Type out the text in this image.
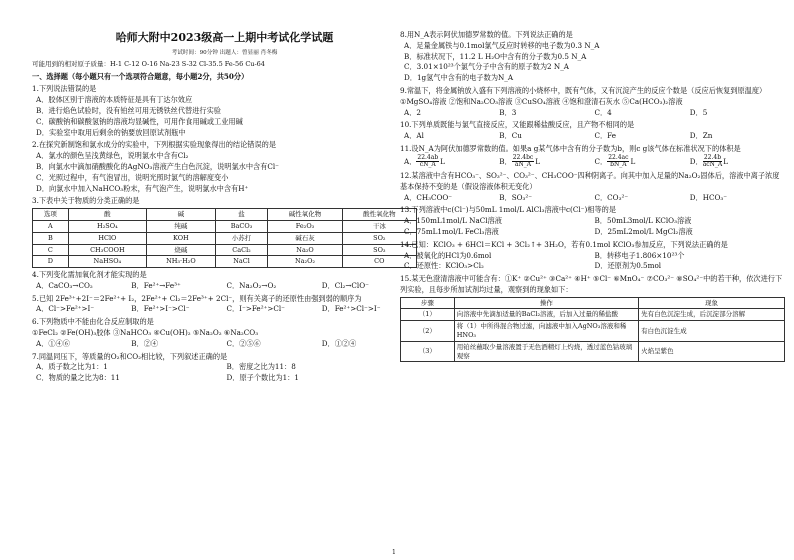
哈师大附中2023级高一上期中考试化学试题
考试时间：90分钟 出题人：曾显丽 肖冬梅
可能用到的相对原子质量：H-1 C-12 O-16 Na-23 S-32 Cl-35.5 Fe-56 Cu-64
一、选择题（每小题只有一个选项符合题意，每小题2分，共50分）
1.下列说法错误的是
A．胶体区别于溶液的本质特征是具有丁达尔效应
B．进行焰色试验时，没有铂丝可用无锈铁丝代替进行实验
C．碳酸钠和碳酸氢钠的溶液均显碱性，可用作食用碱或工业用碱
D．实验室中取用后剩余的钠要放回原试剂瓶中
2.在探究新制饱和氯水成分的实验中，下列根据实验现象得出的结论错误的是
A．氯水的颜色呈浅黄绿色，说明氯水中含有Cl₂
B．向氯水中滴加硝酸酸化的AgNO₃溶液产生白色沉淀，说明氯水中含有Cl⁻
C．光照过程中，有气泡冒出，说明光照时氯气的溶解度变小
D．向氯水中加入NaHCO₃粉末，有气泡产生，说明氯水中含有H⁺
3.下表中关于物质的分类正确的是
选项	酸	碱	盐	碱性氧化物	酸性氧化物
A	H₂SO₄	纯碱	BaCO₃	Fe₂O₃	干冰
B	HClO	KOH	小苏打	碱石灰	SO₂
C	CH₃COOH	烧碱	CaCl₂	Na₂O	SO₃
D	NaHSO₄	NH₃·H₂O	NaCl	Na₂O₂	CO
4.下列变化需加氧化剂才能实现的是
A．CaCO₃→CO₂	B．Fe²⁺→Fe³⁺	C．Na₂O₂→O₂	D．Cl₂→ClO⁻
5.已知 2Fe³⁺+2I⁻＝2Fe²⁺+ I₂，2Fe²⁺+ Cl₂＝2Fe³⁺+ 2Cl⁻，则有关离子的还原性由强到弱的顺序为
A．Cl⁻>Fe²⁺>I⁻	B．Fe²⁺>I⁻>Cl⁻	C．I⁻>Fe²⁺>Cl⁻	D．Fe²⁺>Cl⁻>I⁻
6.下列物质中不能由化合反应制取的是
①FeCl₂ ②Fe(OH)₃胶体 ③NaHCO₃ ④Cu(OH)₂ ⑤Na₂O₂ ⑥Na₂CO₃
A．①④⑥	B．②④	C．②⑤⑥	D．①②④
7.同温同压下，等质量的O₂和CO₂相比较，下列叙述正确的是
A．质子数之比为1：1	B．密度之比为11：8
C．物质的量之比为8：11	D．原子个数比为1：1
8.用N_A表示阿伏加德罗常数的值。下列说法正确的是
A．足量金属铁与0.1mol氯气反应时转移的电子数为0.3 N_A
B．标准状况下，11.2 L H₂O中含有的分子数为0.5 N_A
C．3.01×10²³个氯气分子中含有的原子数为2 N_A
D．1g氢气中含有的电子数为N_A
9.常温下，将金属钠放入盛有下列溶液的小烧杯中，既有气体，又有沉淀产生的反应个数是（反应后恢复到原温度）
①MgSO₄溶液 ②饱和Na₂CO₃溶液 ③CuSO₄溶液 ④饱和澄清石灰水 ⑤Ca(HCO₃)₂溶液
A．2	B．3	C．4	D．5
10.下列单质既能与氯气直接反应，又能跟稀盐酸反应，且产物不相同的是
A．Al	B．Cu	C．Fe	D．Zn
11.设N_A为阿伏加德罗常数的值。如果a g某气体中含有的分子数为b，则c g该气体在标准状况下的体积是
A． $\frac{22.4ab}{cN\_A}$ L	B． $\frac{22.4bc}{aN\_A}$ L	C． $\frac{22.4ac}{bN\_A}$ L	D． $\frac{22.4b}{\text{acN\_A}}$ L
12.某溶液中含有HCO₃⁻、SO₃²⁻、CO₃²⁻、CH₃COO⁻四种阴离子。向其中加入足量的Na₂O₂固体后，溶液中离子浓度基本保持不变的是（假设溶液体积无变化）
A．CH₃COO⁻	B．SO₃²⁻	C．CO₃²⁻	D．HCO₃⁻
13.下列溶液中c(Cl⁻)与50mL 1mol/L AlCl₃溶液中c(Cl⁻)相等的是
A．150mL1mol/L NaCl溶液	B．50mL3mol/L KClO₃溶液
C．75mL1mol/L FeCl₃溶液	D．25mL2mol/L MgCl₂溶液
14.已知：KClO₃ + 6HCl＝KCl + 3Cl₂↑+ 3H₂O，若有0.1mol KClO₃参加反应，下列说法正确的是
A．被氧化的HCl为0.6mol	B．转移电子1.806×10²³个
C．还原性：KClO₃>Cl₂	D．还原剂为0.5mol
15.某无色澄清溶液中可能含有：①K⁺ ②Cu²⁺ ③Ca²⁺ ④H⁺ ⑤Cl⁻ ⑥MnO₄⁻ ⑦CO₃²⁻ ⑧SO₄²⁻中的若干种，依次进行下列实验，且每步所加试剂均过量，观察到的现象如下：
步骤	操作	现象
（1）	向溶液中先滴加适量的BaCl₂溶液，后加入过量的稀盐酸	先有白色沉淀生成，后沉淀部分溶解
（2）	将（1）中所得混合物过滤，向滤液中加入AgNO₃溶液和稀HNO₃	有白色沉淀生成
（3）	用铂丝蘸取少量溶液置于无色酒精灯上灼烧，透过蓝色钴玻璃观察	火焰呈紫色
1
